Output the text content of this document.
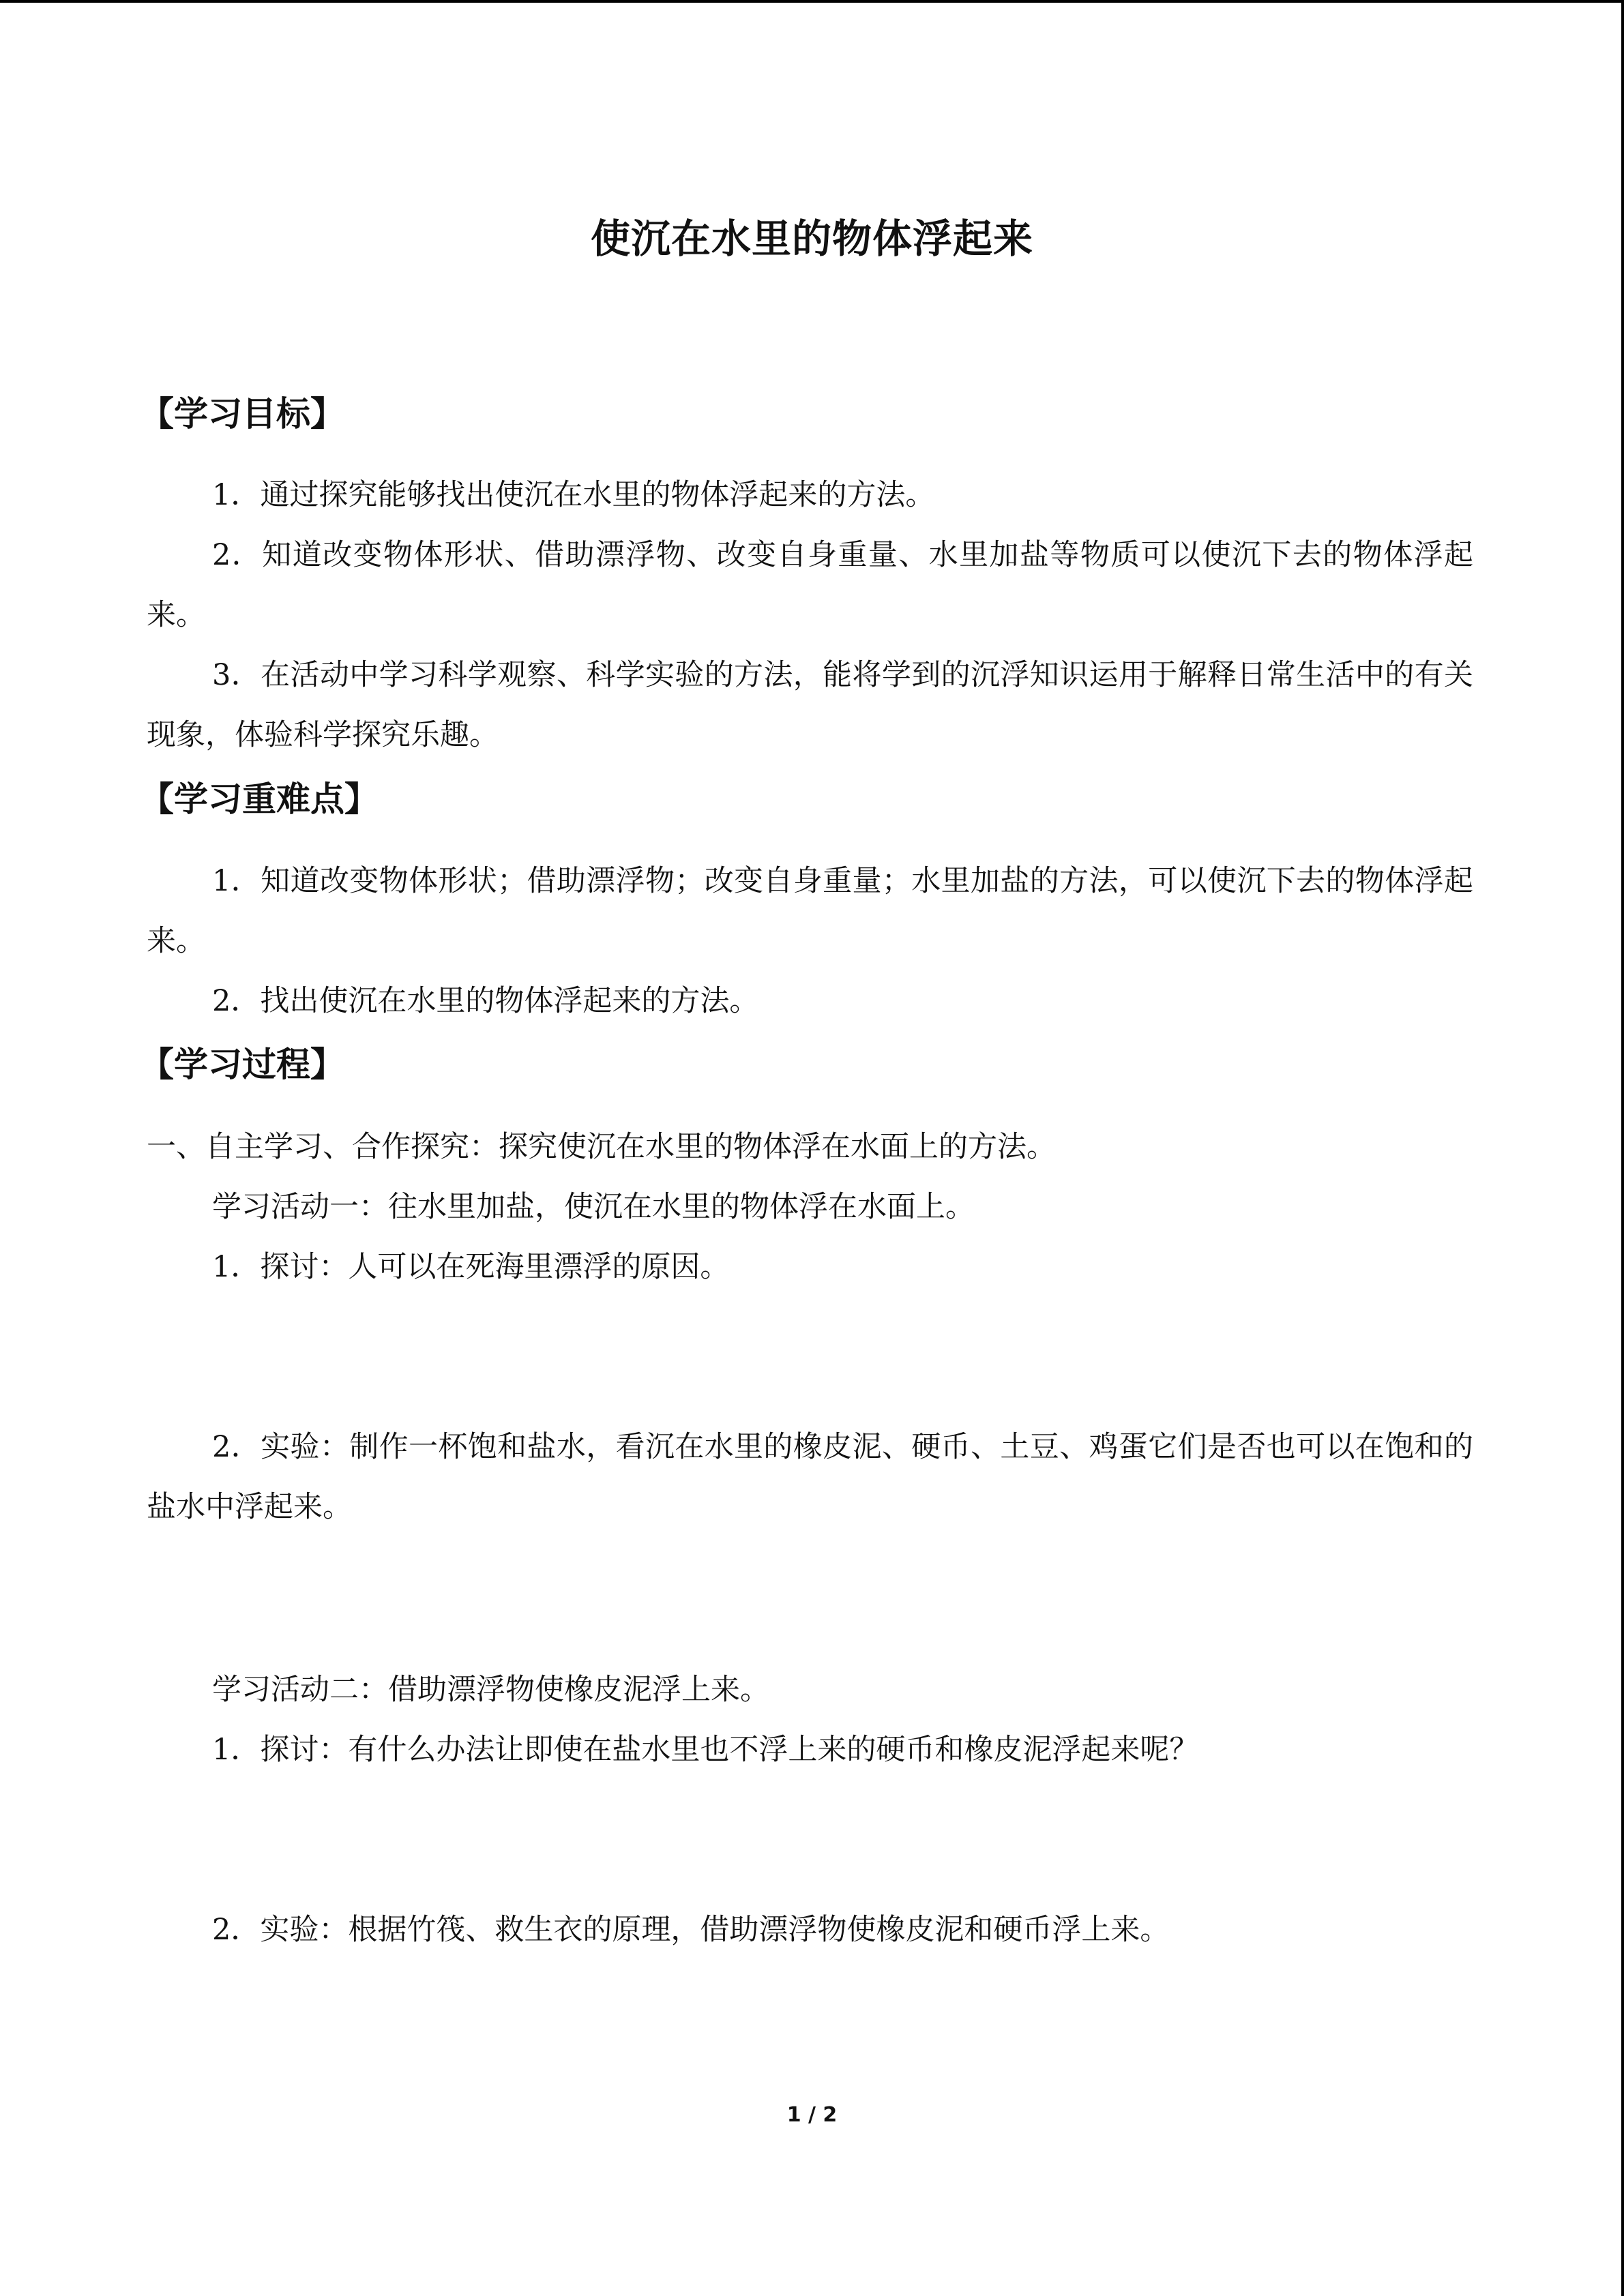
使沉在水里的物体浮起来
【学习目标】
1．通过探究能够找出使沉在水里的物体浮起来的方法。
2．知道改变物体形状、借助漂浮物、改变自身重量、水里加盐等物质可以使沉下去的物体浮起来。
3．在活动中学习科学观察、科学实验的方法，能将学到的沉浮知识运用于解释日常生活中的有关现象，体验科学探究乐趣。
【学习重难点】
1．知道改变物体形状；借助漂浮物；改变自身重量；水里加盐的方法，可以使沉下去的物体浮起来。
2．找出使沉在水里的物体浮起来的方法。
【学习过程】
一、自主学习、合作探究：探究使沉在水里的物体浮在水面上的方法。
学习活动一：往水里加盐，使沉在水里的物体浮在水面上。
1．探讨：人可以在死海里漂浮的原因。
2．实验：制作一杯饱和盐水，看沉在水里的橡皮泥、硬币、土豆、鸡蛋它们是否也可以在饱和的盐水中浮起来。
学习活动二：借助漂浮物使橡皮泥浮上来。
1．探讨：有什么办法让即使在盐水里也不浮上来的硬币和橡皮泥浮起来呢？
2．实验：根据竹筏、救生衣的原理，借助漂浮物使橡皮泥和硬币浮上来。
1 / 2
